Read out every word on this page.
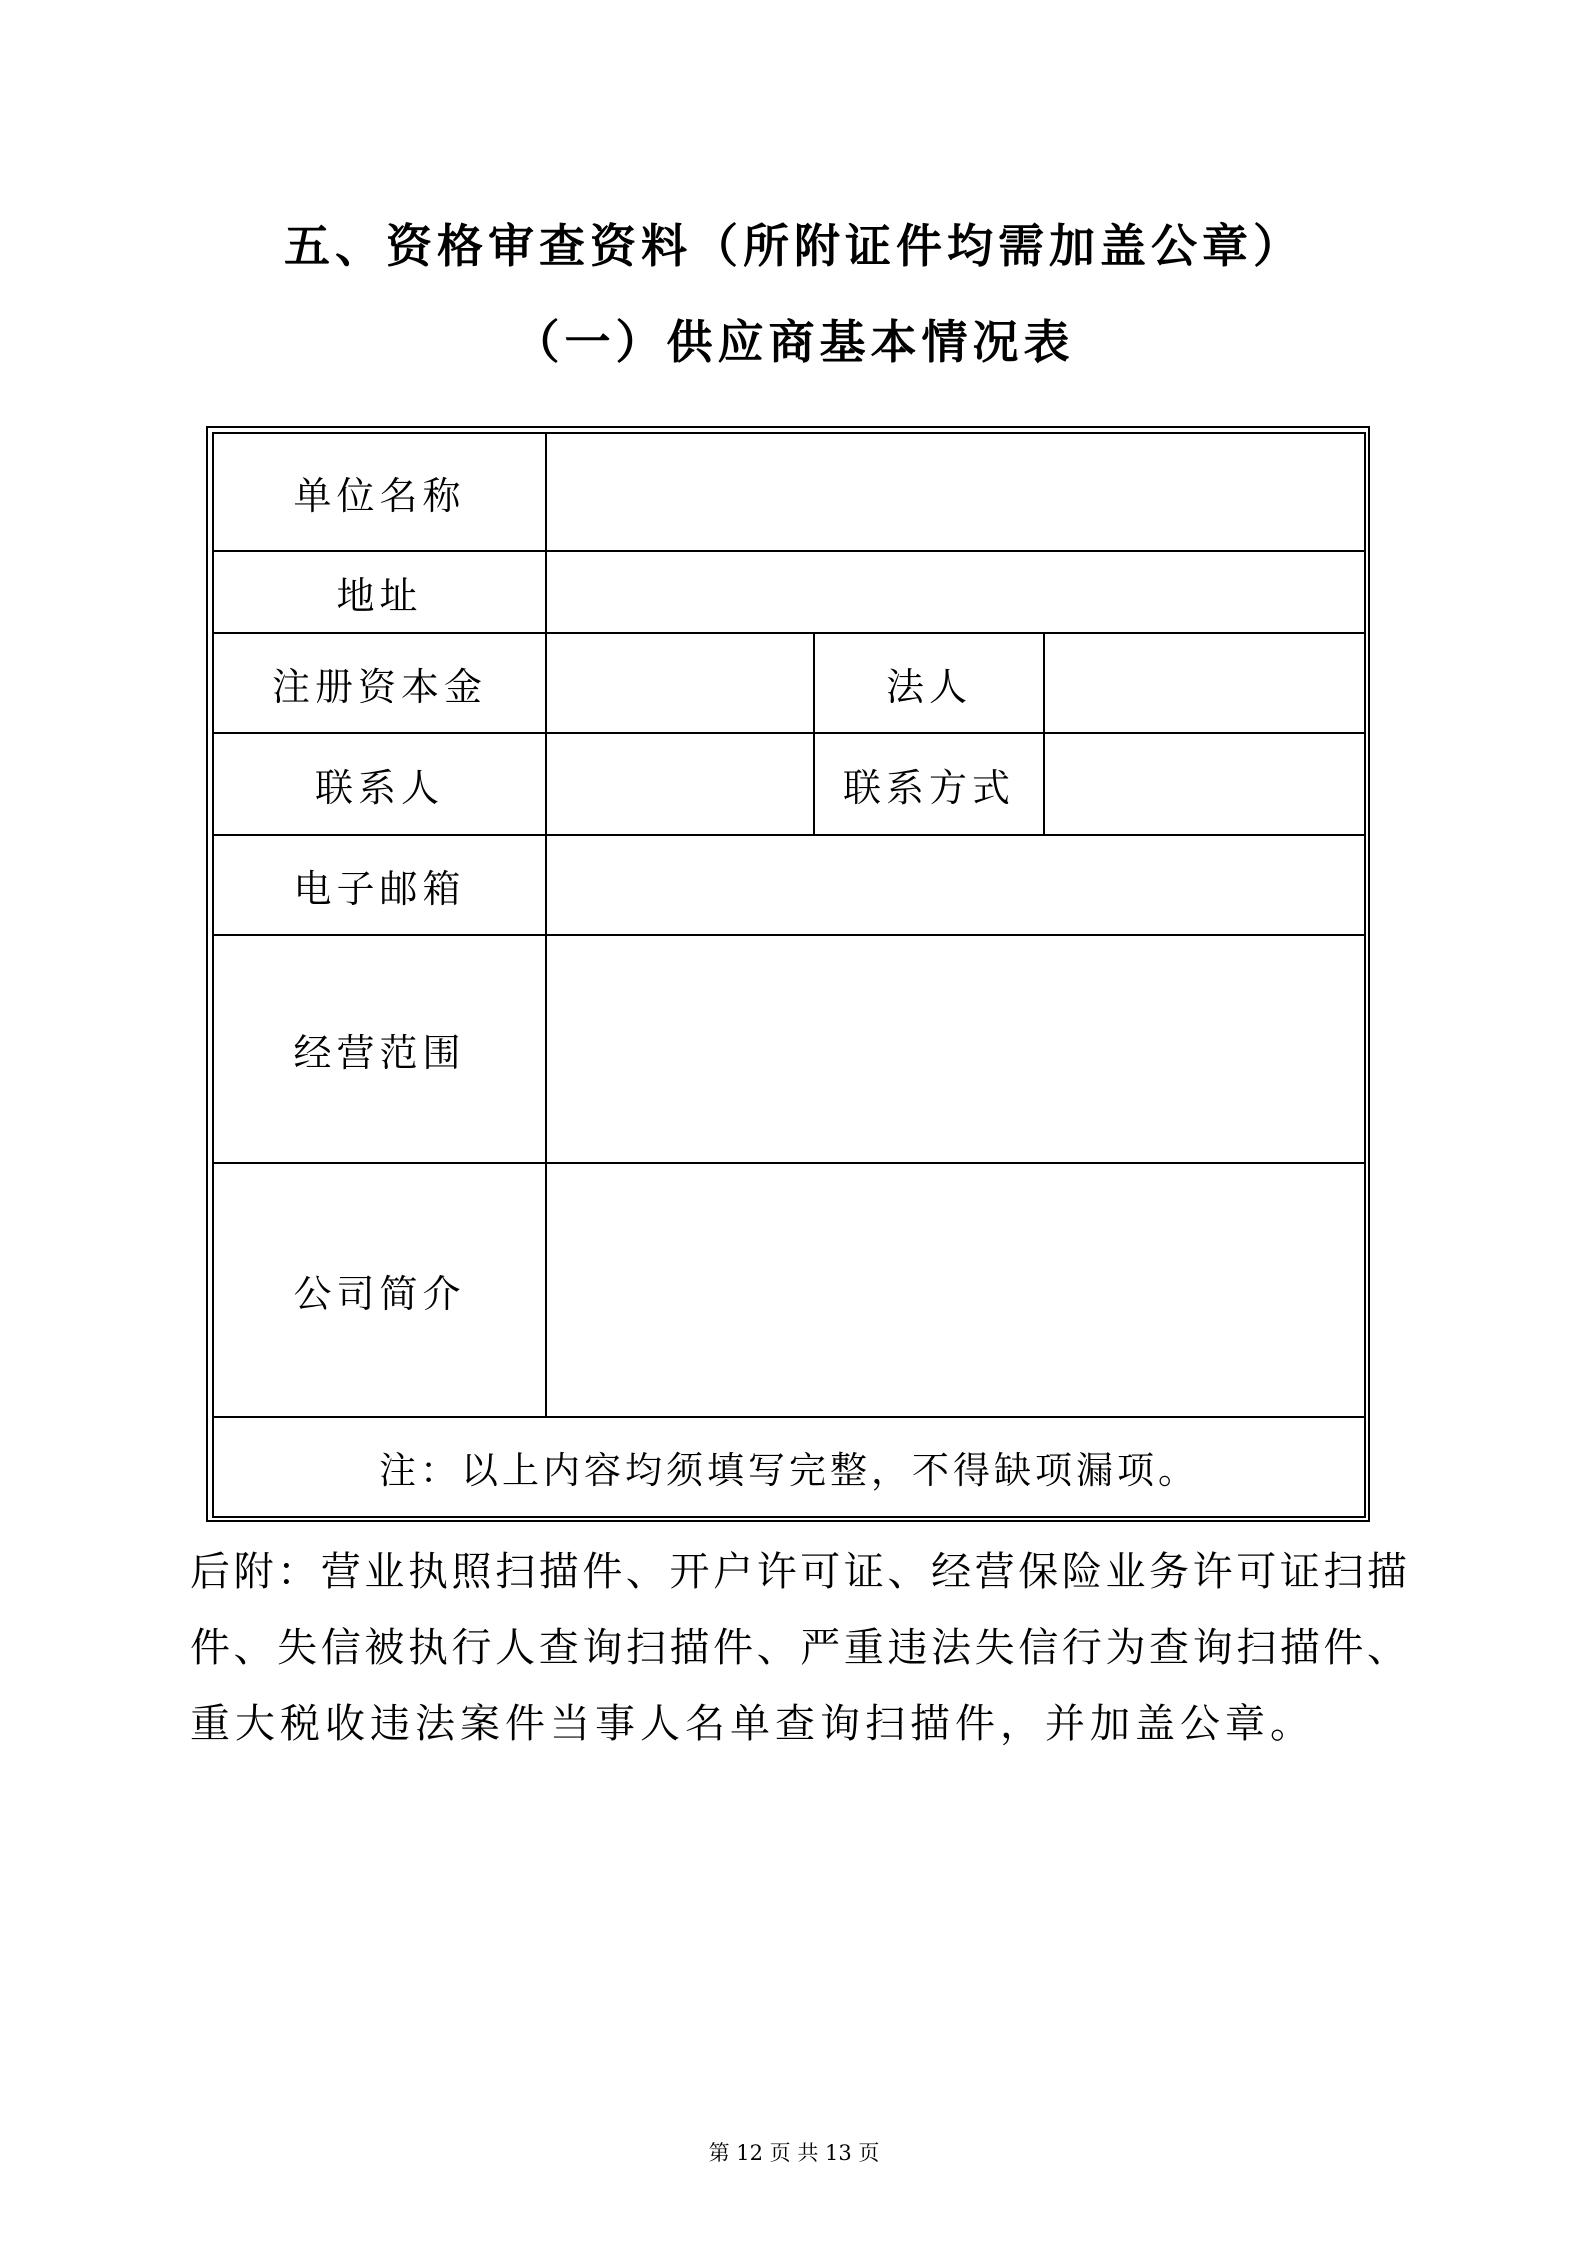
五、资格审查资料（所附证件均需加盖公章）
（一）供应商基本情况表
单位名称			
地址			
注册资本金		法人	
联系人		联系方式	
电子邮箱			
经营范围			
公司简介			
注：以上内容均须填写完整，不得缺项漏项。			
后附：营业执照扫描件、开户许可证、经营保险业务许可证扫描
件、失信被执行人查询扫描件、严重违法失信行为查询扫描件、
重大税收违法案件当事人名单查询扫描件，并加盖公章。
第 12 页 共 13 页
